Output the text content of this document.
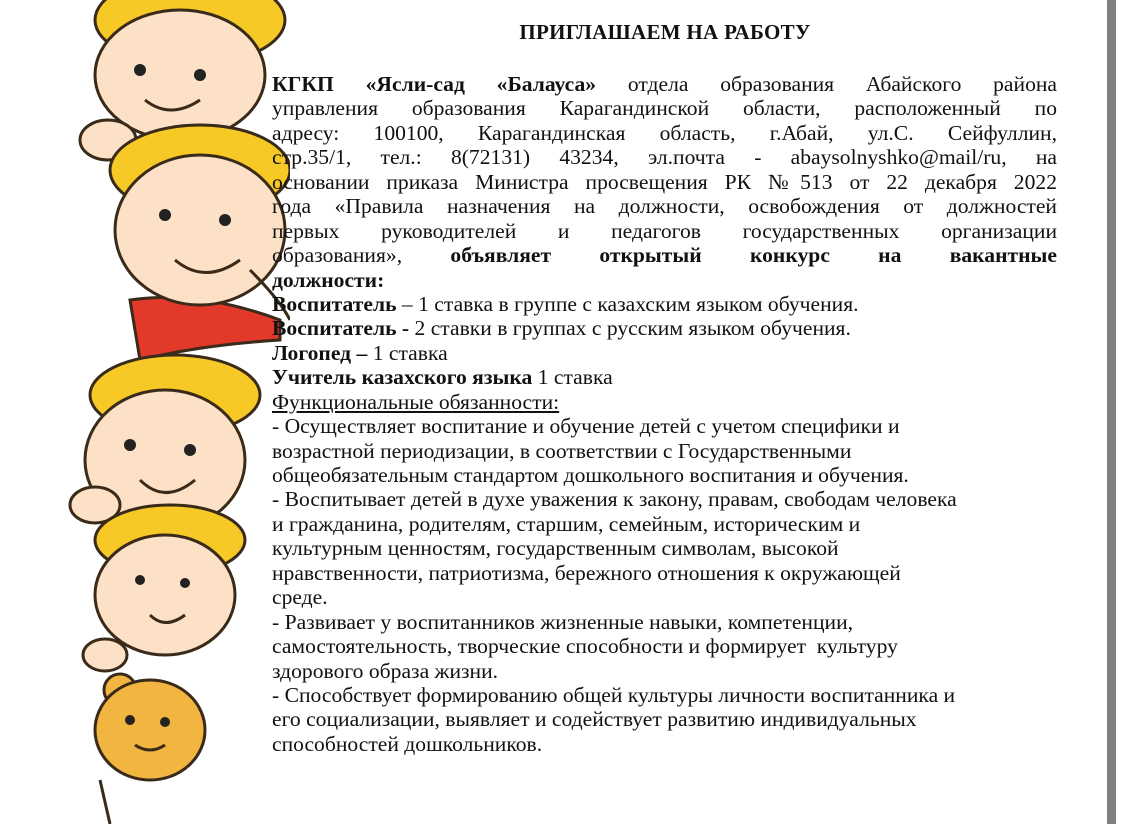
ПРИГЛАШАЕМ НА РАБОТУ
КГКП «Ясли-сад «Балауса» отдела образования Абайского района
управления образования Карагандинской области, расположенный по
адресу: 100100, Карагандинская область, г.Абай, ул.С. Сейфуллин,
стр.35/1, тел.: 8(72131) 43234, эл.почта - abaysolnyshko@mail/ru, на
основании приказа Министра просвещения РК №513 от 22 декабря 2022
года «Правила назначения на должности, освобождения от должностей
первых руководителей и педагогов государственных организации
образования», объявляет открытый конкурс на вакантные
должности:
Воспитатель – 1 ставка в группе с казахским языком обучения.
Воспитатель - 2 ставки в группах с русским языком обучения.
Логопед – 1 ставка
Учитель казахского языка 1 ставка
Функциональные обязанности:
- Осуществляет воспитание и обучение детей с учетом специфики и
возрастной периодизации, в соответствии с Государственными
общеобязательным стандартом дошкольного воспитания и обучения.
- Воспитывает детей в духе уважения к закону, правам, свободам человека
и гражданина, родителям, старшим, семейным, историческим и
культурным ценностям, государственным символам, высокой
нравственности, патриотизма, бережного отношения к окружающей
среде.
- Развивает у воспитанников жизненные навыки, компетенции,
самостоятельность, творческие способности и формирует  культуру
здорового образа жизни.
- Способствует формированию общей культуры личности воспитанника и
его социализации, выявляет и содействует развитию индивидуальных
способностей дошкольников.
